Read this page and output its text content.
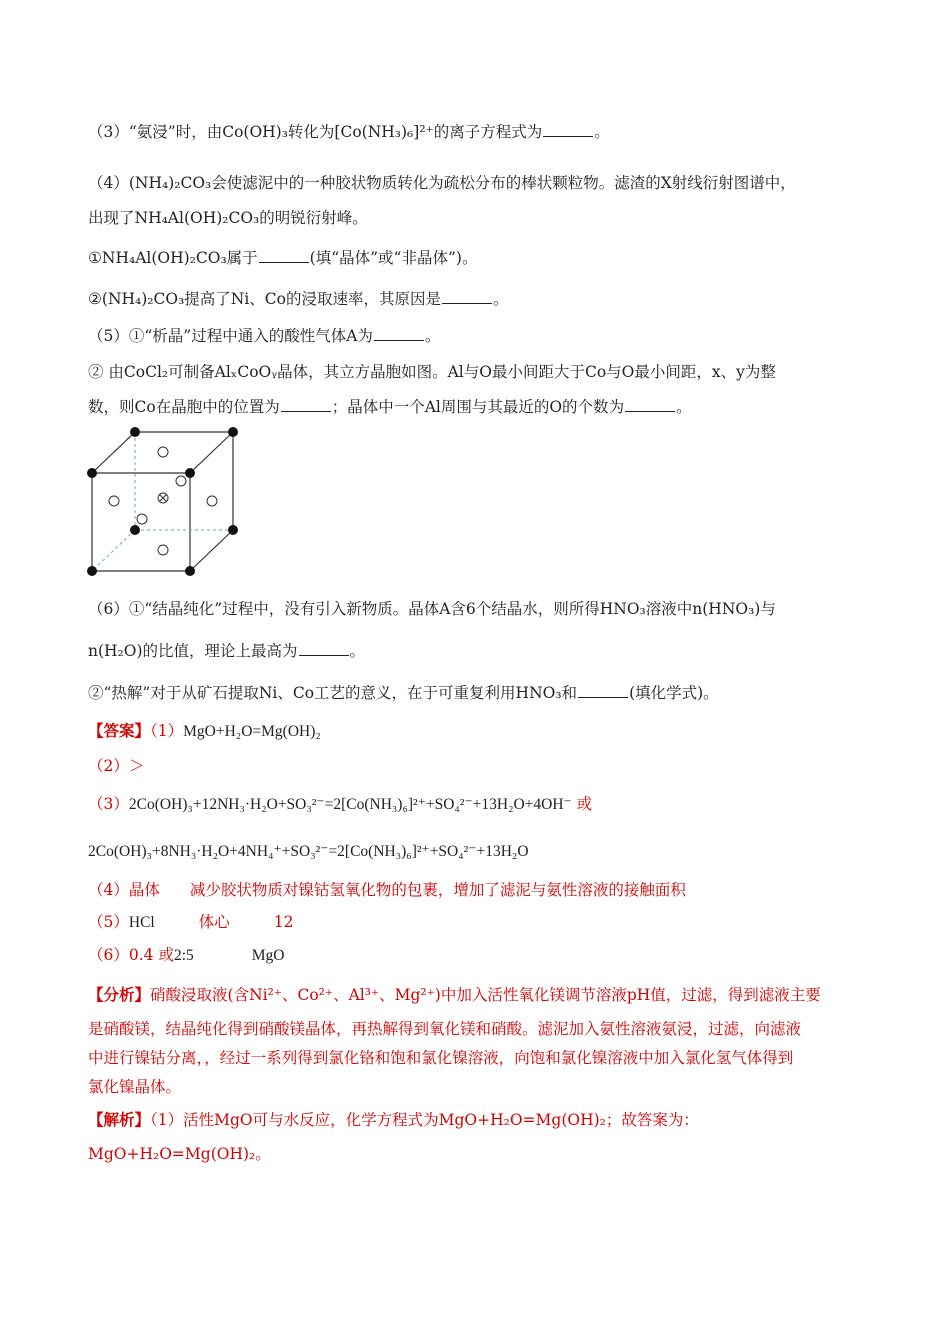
（3）“氨浸”时，由Co(OH)₃转化为[Co(NH₃)₆]²⁺的离子方程式为	。
（4）(NH₄)₂CO₃会使滤泥中的一种胶状物质转化为疏松分布的棒状颗粒物。滤渣的X射线衍射图谱中，
出现了NH₄Al(OH)₂CO₃的明锐衍射峰。
①NH₄Al(OH)₂CO₃属于	(填“晶体”或“非晶体”)。
②(NH₄)₂CO₃提高了Ni、Co的浸取速率，其原因是	。
（5）①“析晶”过程中通入的酸性气体A为	。
② 由CoCl₂可制备AlₓCoOᵧ晶体，其立方晶胞如图。Al与O最小间距大于Co与O最小间距，x、y为整
数，则Co在晶胞中的位置为	；晶体中一个Al周围与其最近的O的个数为	。
（6）①“结晶纯化”过程中，没有引入新物质。晶体A含6个结晶水，则所得HNO₃溶液中n(HNO₃)与
n(H₂O)的比值，理论上最高为	。
②“热解”对于从矿石提取Ni、Co工艺的意义，在于可重复利用HNO₃和	(填化学式)。
【答案】（1）MgO+H₂O=Mg(OH)₂
（2）＞
（3）2Co(OH)₃+12NH₃·H₂O+SO₃²⁻=2[Co(NH₃)₆]²⁺+SO₄²⁻+13H₂O+4OH⁻ 或
2Co(OH)₃+8NH₃·H₂O+4NH₄⁺+SO₃²⁻=2[Co(NH₃)₆]²⁺+SO₄²⁻+13H₂O
（4）晶体 减少胶状物质对镍钴氢氧化物的包裹，增加了滤泥与氨性溶液的接触面积
（5）HCl	体心	12
（6）0.4 或2:5	MgO
【分析】硝酸浸取液(含Ni²⁺、Co²⁺、Al³⁺、Mg²⁺)中加入活性氧化镁调节溶液pH值，过滤，得到滤液主要
是硝酸镁，结晶纯化得到硝酸镁晶体，再热解得到氧化镁和硝酸。滤泥加入氨性溶液氨浸，过滤，向滤液
中进行镍钴分离，，经过一系列得到氯化铬和饱和氯化镍溶液，向饱和氯化镍溶液中加入氯化氢气体得到
氯化镍晶体。
【解析】（1）活性MgO可与水反应，化学方程式为MgO+H₂O=Mg(OH)₂；故答案为：
MgO+H₂O=Mg(OH)₂。
